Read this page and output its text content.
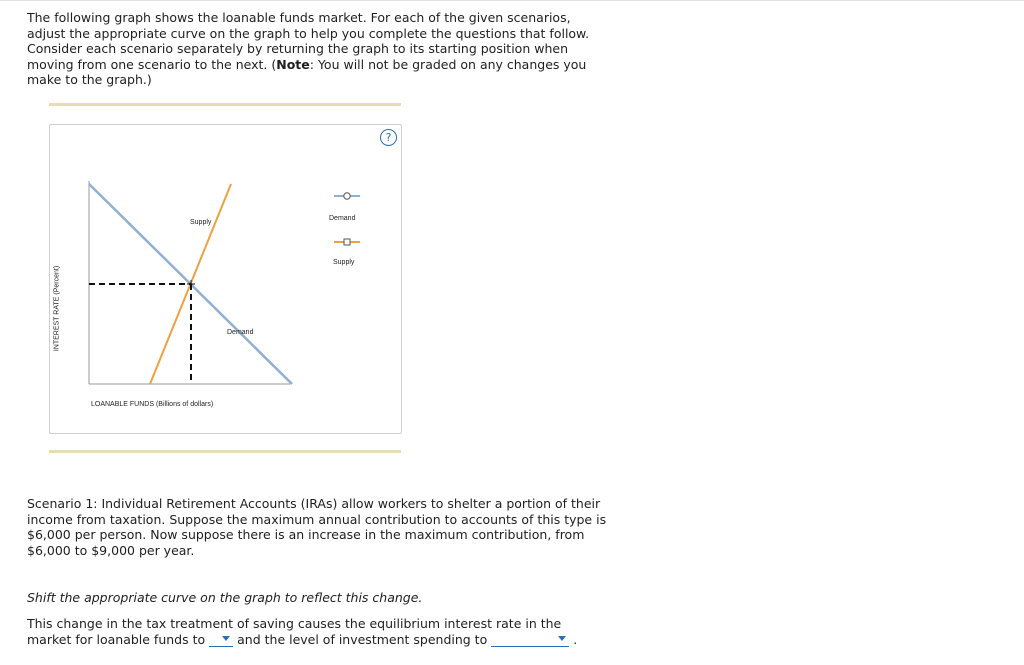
The following graph shows the loanable funds market. For each of the given scenarios, adjust the appropriate curve on the graph to help you complete the questions that follow. Consider each scenario separately by returning the graph to its starting position when moving from one scenario to the next. (Note: You will not be graded on any changes you make to the graph.)

?
Supply
Demand
INTEREST RATE (Percent)
LOANABLE FUNDS (Billions of dollars)
Demand
Supply

Scenario 1: Individual Retirement Accounts (IRAs) allow workers to shelter a portion of their income from taxation. Suppose the maximum annual contribution to accounts of this type is $6,000 per person. Now suppose there is an increase in the maximum contribution, from $6,000 to $9,000 per year.

Shift the appropriate curve on the graph to reflect this change.

This change in the tax treatment of saving causes the equilibrium interest rate in the market for loanable funds to	and the level of investment spending to	.
